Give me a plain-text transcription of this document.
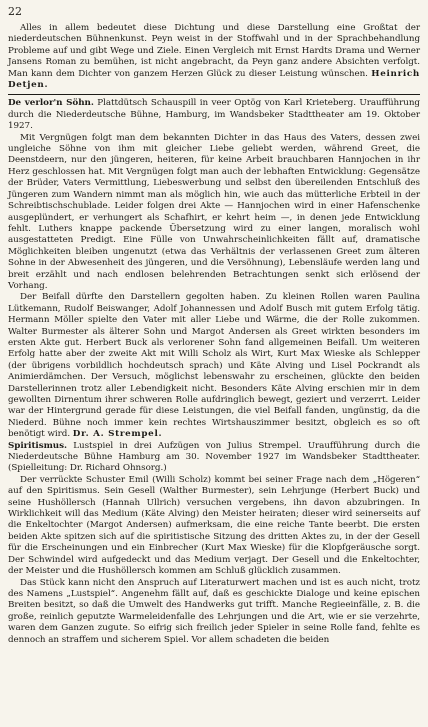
22

Alles in allem bedeutet diese Dichtung und diese Darstellung eine Großtat der niederdeutschen Bühnenkunst. Peyn weist in der Stoffwahl und in der Sprachbehandlung Probleme auf und gibt Wege und Ziele. Einen Vergleich mit Ernst Hardts Drama und Werner Jansens Roman zu bemühen, ist nicht angebracht, da Peyn ganz andere Absichten verfolgt. Man kann dem Dichter von ganzem Herzen Glück zu dieser Leistung wünschen. Heinrich Detjen.

De verlor'n Söhn. Plattdütsch Schauspill in veer Optög von Karl Krieteberg. Uraufführung durch die Niederdeutsche Bühne, Hamburg, im Wandsbeker Stadttheater am 19. Oktober 1927.

Mit Vergnügen folgt man dem bekannten Dichter in das Haus des Vaters, dessen zwei ungleiche Söhne von ihm mit gleicher Liebe geliebt werden, während Greet, die Deenstdeern, nur den jüngeren, heiteren, für keine Arbeit brauchbaren Hannjochen in ihr Herz geschlossen hat. Mit Vergnügen folgt man auch der lebhaften Entwicklung: Gegensätze der Brüder, Vaters Vermittlung, Liebeswerbung und selbst den übereilenden Entschluß des Jüngeren zum Wandern nimmt man als möglich hin, wie auch das mütterliche Erbteil in der Schreibtischschublade. Leider folgen drei Akte — Hannjochen wird in einer Hafenschenke ausgeplündert, er verhungert als Schafhirt, er kehrt heim —, in denen jede Entwicklung fehlt. Luthers knappe packende Übersetzung wird zu einer langen, moralisch wohl ausgestatteten Predigt. Eine Fülle von Unwahrscheinlichkeiten fällt auf, dramatische Möglichkeiten bleiben ungenutzt (etwa das Verhältnis der verlassenen Greet zum älteren Sohne in der Abwesenheit des jüngeren, und die Versöhnung), Lebensläufe werden lang und breit erzählt und nach endlosen belehrenden Betrachtungen senkt sich erlösend der Vorhang.

Der Beifall dürfte den Darstellern gegolten haben. Zu kleinen Rollen waren Paulina Lütkemann, Rudolf Beiswanger, Adolf Johannessen und Adolf Busch mit gutem Erfolg tätig. Hermann Möller spielte den Vater mit aller Liebe und Wärme, die der Rolle zukommen. Walter Burmester als älterer Sohn und Margot Andersen als Greet wirkten besonders im ersten Akte gut. Herbert Buck als verlorener Sohn fand allgemeinen Beifall. Um weiteren Erfolg hatte aber der zweite Akt mit Willi Scholz als Wirt, Kurt Max Wieske als Schlepper (der übrigens vorbildlich hochdeutsch sprach) und Käte Alving und Lisel Pockrandt als Animierdämchen. Der Versuch, möglichst lebenswahr zu erscheinen, glückte den beiden Darstellerinnen trotz aller Lebendigkeit nicht. Besonders Käte Alving erschien mir in dem gewollten Dirnentum ihrer schweren Rolle aufdringlich bewegt, geziert und verzerrt. Leider war der Hintergrund gerade für diese Leistungen, die viel Beifall fanden, ungünstig, da die Niederd. Bühne noch immer kein rechtes Wirtshauszimmer besitzt, obgleich es so oft benötigt wird. Dr. A. Strempel.

Spiritismus. Lustspiel in drei Aufzügen von Julius Strempel. Uraufführung durch die Niederdeutsche Bühne Hamburg am 30. November 1927 im Wandsbeker Stadttheater. (Spielleitung: Dr. Richard Ohnsorg.)

Der verrückte Schuster Emil (Willi Scholz) kommt bei seiner Frage nach dem „Högeren“ auf den Spiritismus. Sein Gesell (Walther Burmester), sein Lehrjunge (Herbert Buck) und seine Hushöllersch (Hannah Ullrich) versuchen vergebens, ihn davon abzubringen. In Wirklichkeit will das Medium (Käte Alving) den Meister heiraten; dieser wird seinerseits auf die Enkeltochter (Margot Andersen) aufmerksam, die eine reiche Tante beerbt. Die ersten beiden Akte spitzen sich auf die spiritistische Sitzung des dritten Aktes zu, in der der Gesell für die Erscheinungen und ein Einbrecher (Kurt Max Wieske) für die Klopfgeräusche sorgt. Der Schwindel wird aufgedeckt und das Medium verjagt. Der Gesell und die Enkeltochter, der Meister und die Hushöllersch kommen am Schluß glücklich zusammen.

Das Stück kann nicht den Anspruch auf Literaturwert machen und ist es auch nicht, trotz des Namens „Lustspiel“. Angenehm fällt auf, daß es geschickte Dialoge und keine epischen Breiten besitzt, so daß die Umwelt des Handwerks gut trifft. Manche Regieeinfälle, z. B. die große, reinlich geputzte Warmeleidenfalle des Lehrjungen und die Art, wie er sie verzehrte, waren dem Ganzen zugute. So eifrig sich freilich jeder Spieler in seine Rolle fand, fehlte es dennoch an straffem und sicherem Spiel. Vor allem schadeten die beiden
